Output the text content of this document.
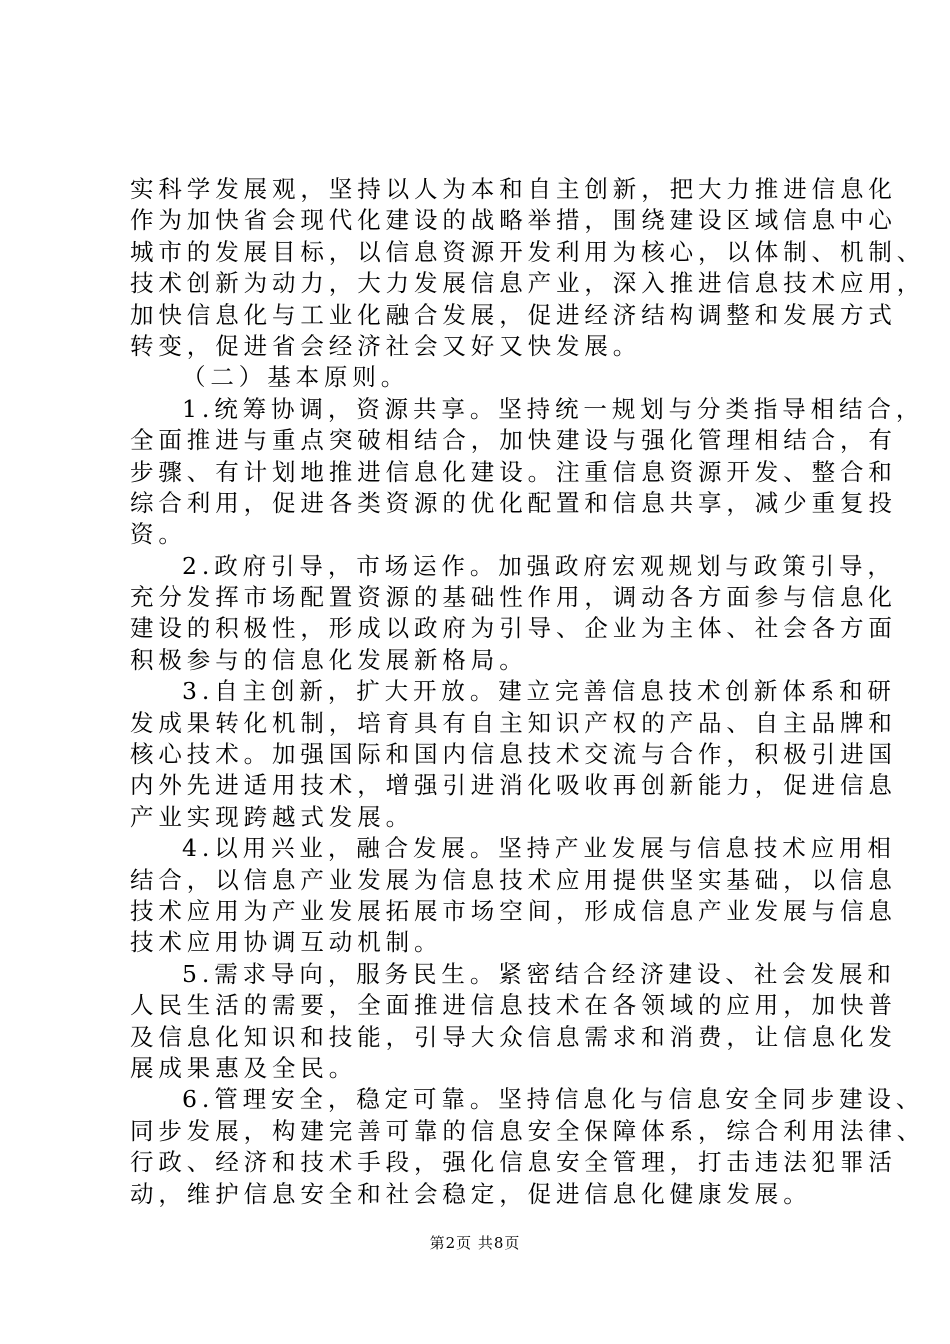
实科学发展观，坚持以人为本和自主创新，把大力推进信息化
作为加快省会现代化建设的战略举措，围绕建设区域信息中心
城市的发展目标，以信息资源开发利用为核心，以体制、机制、
技术创新为动力，大力发展信息产业，深入推进信息技术应用，
加快信息化与工业化融合发展，促进经济结构调整和发展方式
转变，促进省会经济社会又好又快发展。
（二）基本原则。
1.统筹协调，资源共享。坚持统一规划与分类指导相结合，
全面推进与重点突破相结合，加快建设与强化管理相结合，有
步骤、有计划地推进信息化建设。注重信息资源开发、整合和
综合利用，促进各类资源的优化配置和信息共享，减少重复投
资。
2.政府引导，市场运作。加强政府宏观规划与政策引导，
充分发挥市场配置资源的基础性作用，调动各方面参与信息化
建设的积极性，形成以政府为引导、企业为主体、社会各方面
积极参与的信息化发展新格局。
3.自主创新，扩大开放。建立完善信息技术创新体系和研
发成果转化机制，培育具有自主知识产权的产品、自主品牌和
核心技术。加强国际和国内信息技术交流与合作，积极引进国
内外先进适用技术，增强引进消化吸收再创新能力，促进信息
产业实现跨越式发展。
4.以用兴业，融合发展。坚持产业发展与信息技术应用相
结合，以信息产业发展为信息技术应用提供坚实基础，以信息
技术应用为产业发展拓展市场空间，形成信息产业发展与信息
技术应用协调互动机制。
5.需求导向，服务民生。紧密结合经济建设、社会发展和
人民生活的需要，全面推进信息技术在各领域的应用，加快普
及信息化知识和技能，引导大众信息需求和消费，让信息化发
展成果惠及全民。
6.管理安全，稳定可靠。坚持信息化与信息安全同步建设、
同步发展，构建完善可靠的信息安全保障体系，综合利用法律、
行政、经济和技术手段，强化信息安全管理，打击违法犯罪活
动，维护信息安全和社会稳定，促进信息化健康发展。
第2页 共8页
